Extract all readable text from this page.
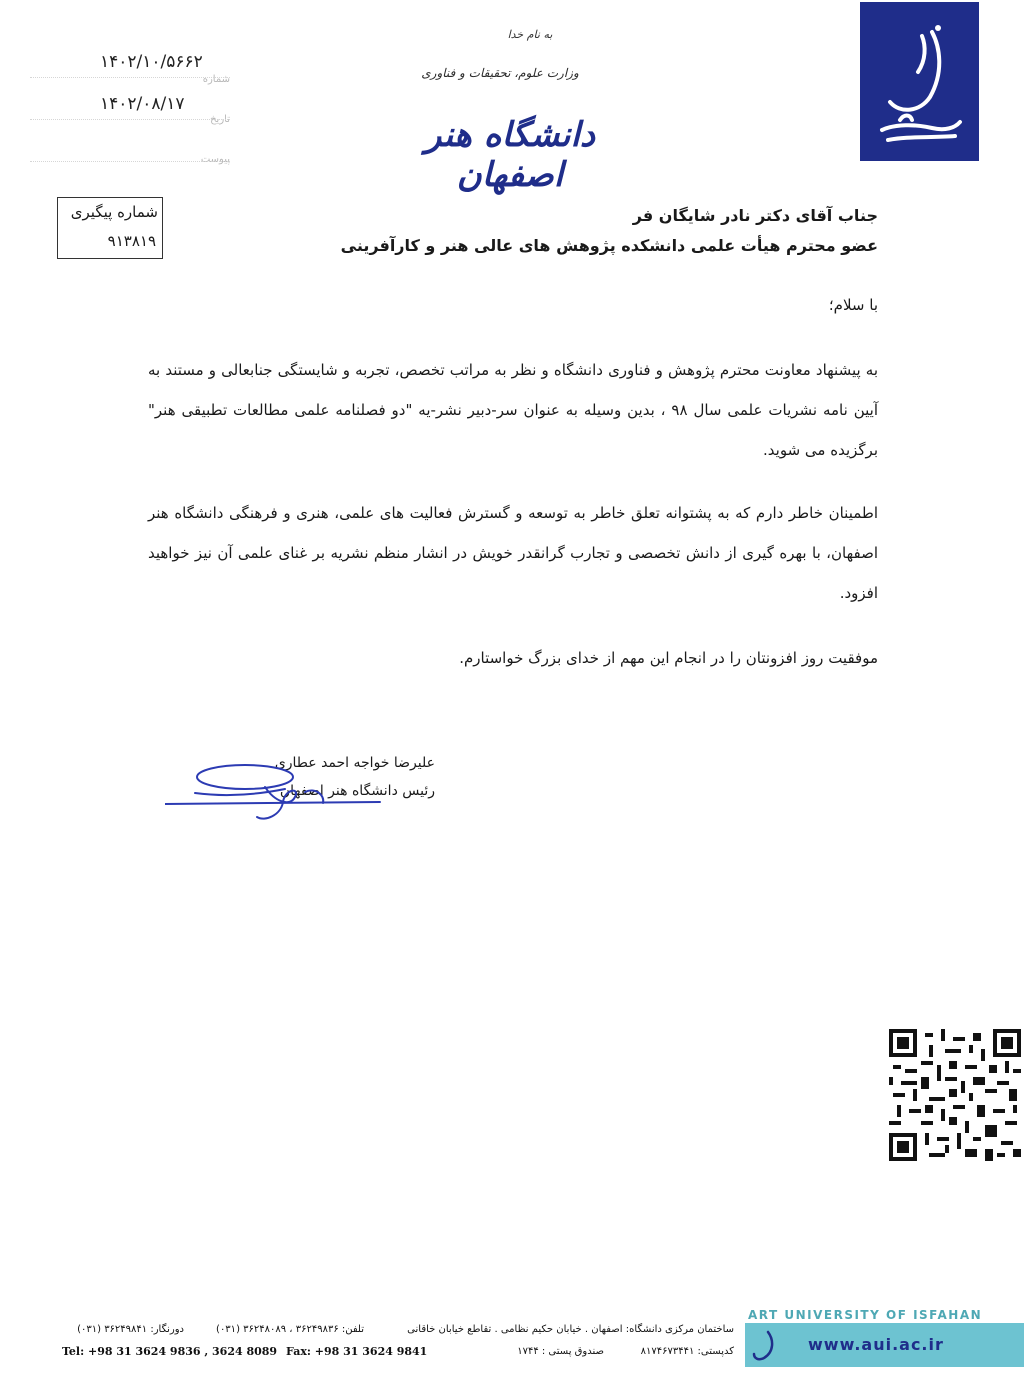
به نام خدا
وزارت علوم، تحقیقات و فناوری
دانشگاه هنر اصفهان
۱۴۰۲/۱۰/۵۶۶۲
شماره
۱۴۰۲/۰۸/۱۷
تاریخ
پیوست
شماره پیگیری
۹۱۳۸۱۹
جناب آقای دکتر نادر شایگان فر
عضو محترم هیأت علمی دانشکده پژوهش های عالی هنر و کارآفرینی
با سلام؛
به پیشنهاد معاونت محترم پژوهش و فناوری دانشگاه و نظر به مراتب تخصص، تجربه و شایستگی جنابعالی و مستند به آیین نامه نشریات علمی سال ۹۸ ، بدین وسیله به عنوان سر-دبیر نشر-یه "دو فصلنامه علمی مطالعات تطبیقی هنر" برگزیده می شوید.
اطمینان خاطر دارم که به پشتوانه تعلق خاطر به توسعه و گسترش فعالیت های علمی، هنری و فرهنگی دانشگاه هنر اصفهان، با بهره گیری از دانش تخصصی و تجارب گرانقدر خویش در انشار منظم نشریه بر غنای علمی آن نیز خواهید افزود.
موفقیت روز افزونتان را در انجام این مهم از خدای بزرگ خواستارم.
علیرضا خواجه احمد عطاری
رئیس دانشگاه هنر اصفهان
ART UNIVERSITY OF ISFAHAN
www.aui.ac.ir
ساختمان مرکزی دانشگاه: اصفهان . خیابان حکیم نظامی . تقاطع خیابان خاقانی
تلفن: ۳۶۲۴۹۸۳۶ ، ۳۶۲۴۸۰۸۹ (۰۳۱)
دورنگار: ۳۶۲۴۹۸۴۱ (۰۳۱)
کدپستی: ۸۱۷۴۶۷۳۴۴۱
صندوق پستی : ۱۷۴۴
Tel: +98 31 3624 9836 , 3624 8089 Fax: +98 31 3624 9841
